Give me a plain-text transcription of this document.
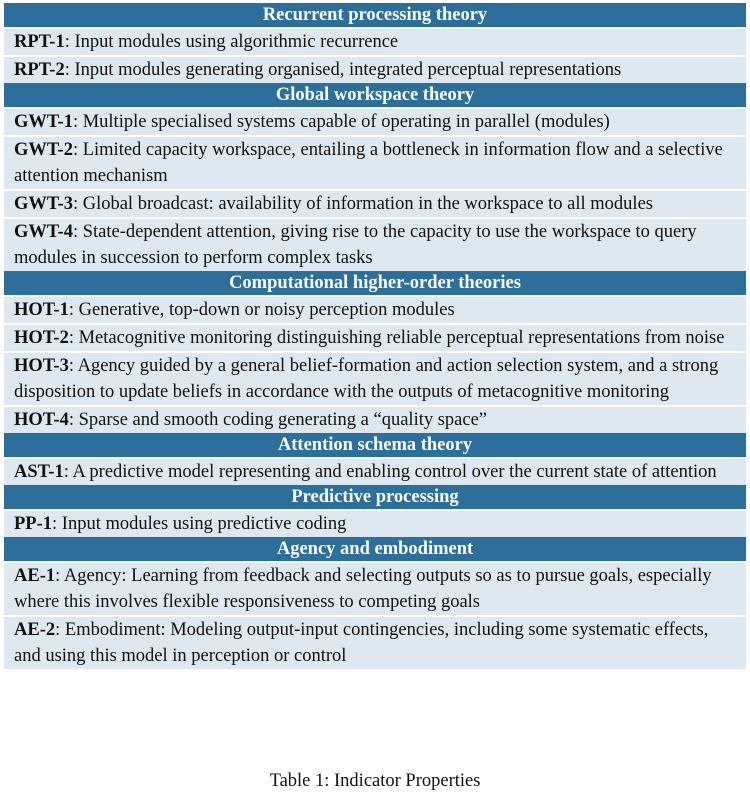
Recurrent processing theory
RPT-1: Input modules using algorithmic recurrence
RPT-2: Input modules generating organised, integrated perceptual representations
Global workspace theory
GWT-1: Multiple specialised systems capable of operating in parallel (modules)
GWT-2: Limited capacity workspace, entailing a bottleneck in information flow and a selective attention mechanism
GWT-3: Global broadcast: availability of information in the workspace to all modules
GWT-4: State-dependent attention, giving rise to the capacity to use the workspace to query modules in succession to perform complex tasks
Computational higher-order theories
HOT-1: Generative, top-down or noisy perception modules
HOT-2: Metacognitive monitoring distinguishing reliable perceptual representations from noise
HOT-3: Agency guided by a general belief-formation and action selection system, and a strong disposition to update beliefs in accordance with the outputs of metacognitive monitoring
HOT-4: Sparse and smooth coding generating a “quality space”
Attention schema theory
AST-1: A predictive model representing and enabling control over the current state of attention
Predictive processing
PP-1: Input modules using predictive coding
Agency and embodiment
AE-1: Agency: Learning from feedback and selecting outputs so as to pursue goals, especially where this involves flexible responsiveness to competing goals
AE-2: Embodiment: Modeling output-input contingencies, including some systematic effects, and using this model in perception or control
Table 1: Indicator Properties
